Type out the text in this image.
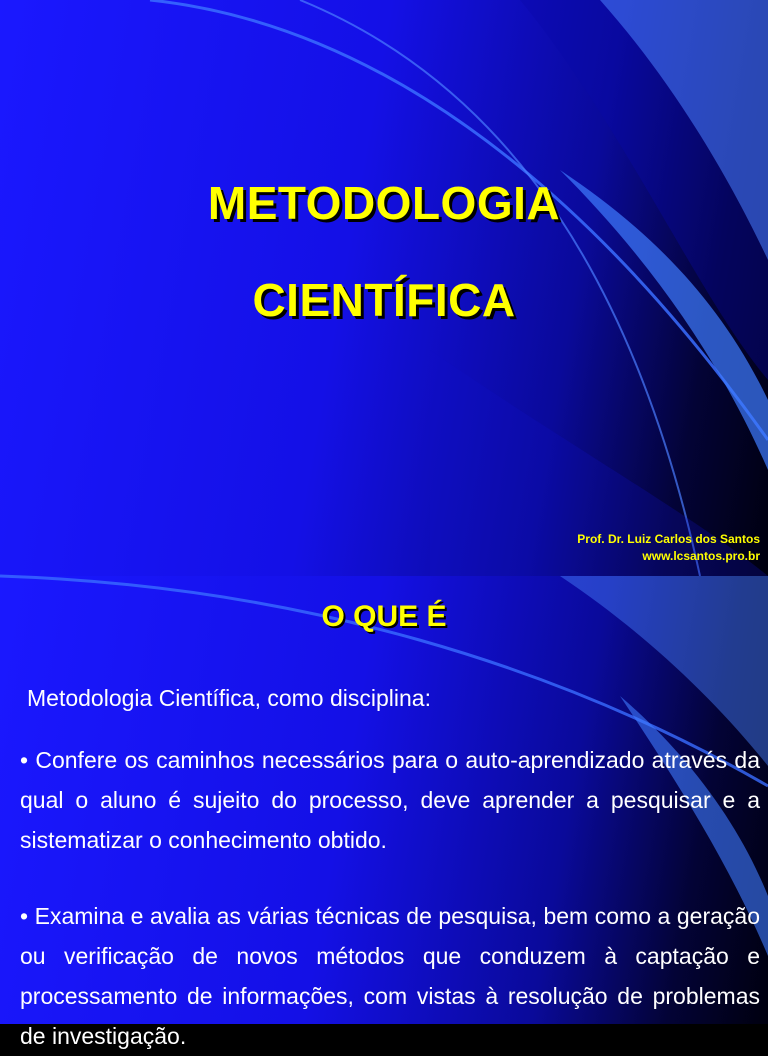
METODOLOGIA
CIENTÍFICA
Prof. Dr. Luiz Carlos dos Santos
www.lcsantos.pro.br
O QUE É
Metodologia Científica, como disciplina:
• Confere os caminhos necessários para o auto-aprendizado através da qual o aluno é sujeito do processo, deve aprender a pesquisar e a sistematizar o conhecimento obtido.
• Examina e avalia as várias técnicas de pesquisa, bem como a geração ou verificação de novos métodos que conduzem à captação e processamento de informações, com vistas à resolução de problemas de investigação.
